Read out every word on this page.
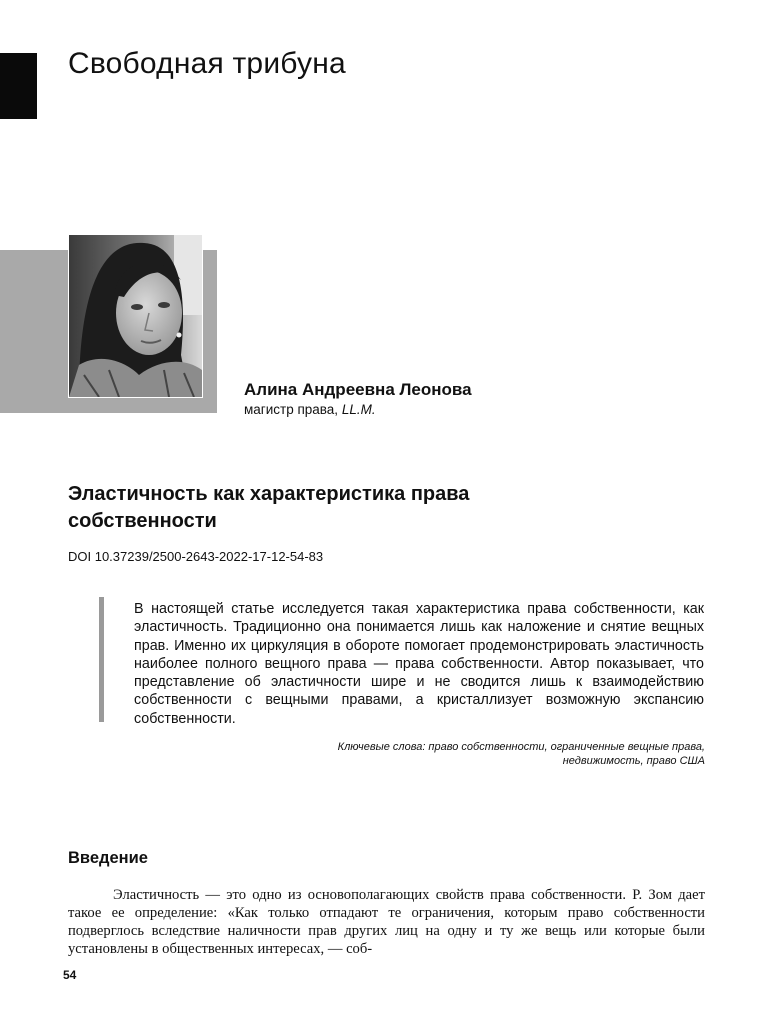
Свободная трибуна
Алина Андреевна Леонова
магистр права, LL.M.
Эластичность как характеристика права собственности
DOI 10.37239/2500-2643-2022-17-12-54-83

В настоящей статье исследуется такая характеристика права собственности, как эластичность. Традиционно она понимается лишь как наложение и снятие вещных прав. Именно их циркуляция в обороте помогает продемонстрировать эластичность наиболее полного вещного права — права собственности. Автор показывает, что представление об эластичности шире и не сводится лишь к взаимодействию собственности с вещными правами, а кристаллизует возможную экспансию собственности.

Ключевые слова: право собственности, ограниченные вещные права,
недвижимость, право США
Введение

Эластичность — это одно из основополагающих свойств права собственности. Р. Зом дает такое ее определение: «Как только отпадают те ограничения, которым право собственности подверглось вследствие наличности прав других лиц на одну и ту же вещь или которые были установлены в общественных интересах, — соб-

54
